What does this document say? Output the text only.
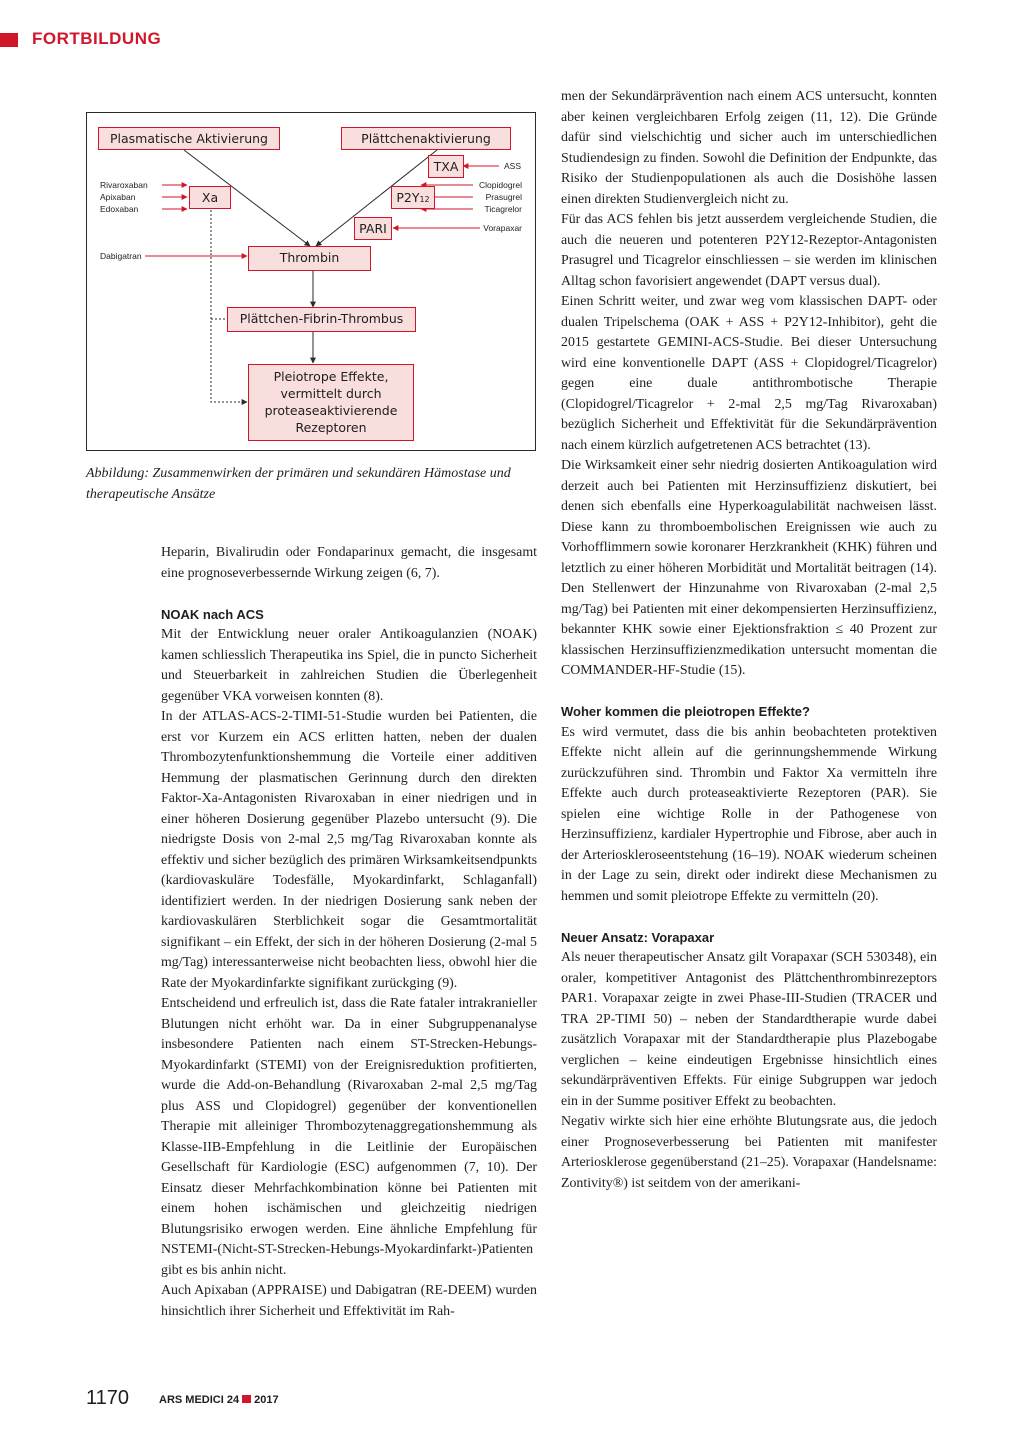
FORTBILDUNG
Plasmatische Aktivierung	Plättchenaktivierung
TXA
Xa	P2Y12
PARI
Thrombin
Plättchen-Fibrin-Thrombus
Pleiotrope Effekte,
vermittelt durch
proteaseaktivierende
Rezeptoren
ASS
Rivaroxaban
Apixaban
Edoxaban
Dabigatran
Clopidogrel
Prasugrel
Ticagrelor
Vorapaxar
Abbildung: Zusammenwirken der primären und sekundären Hämostase und therapeutische Ansätze

Heparin, Bivalirudin oder Fondaparinux gemacht, die insgesamt eine prognoseverbessernde Wirkung zeigen (6, 7).

NOAK nach ACS

Mit der Entwicklung neuer oraler Antikoagulanzien (NOAK) kamen schliesslich Therapeutika ins Spiel, die in puncto Sicherheit und Steuerbarkeit in zahlreichen Studien die Überlegenheit gegenüber VKA vorweisen konnten (8).

In der ATLAS-ACS-2-TIMI-51-Studie wurden bei Patienten, die erst vor Kurzem ein ACS erlitten hatten, neben der dualen Thrombozytenfunktionshemmung die Vorteile einer additiven Hemmung der plasmatischen Gerinnung durch den direkten Faktor-Xa-Antagonisten Rivaroxaban in einer niedrigen und in einer höheren Dosierung gegenüber Plazebo untersucht (9). Die niedrigste Dosis von 2-mal 2,5 mg/Tag Rivaroxaban konnte als effektiv und sicher bezüglich des primären Wirksamkeitsendpunkts (kardiovaskuläre Todesfälle, Myokardinfarkt, Schlaganfall) identifiziert werden. In der niedrigen Dosierung sank neben der kardiovaskulären Sterblichkeit sogar die Gesamtmortalität signifikant – ein Effekt, der sich in der höheren Dosierung (2-mal 5 mg/Tag) interessanterweise nicht beobachten liess, obwohl hier die Rate der Myokardinfarkte signifikant zurückging (9).

Entscheidend und erfreulich ist, dass die Rate fataler intrakranieller Blutungen nicht erhöht war. Da in einer Subgruppenanalyse insbesondere Patienten nach einem ST-Strecken-Hebungs-Myokardinfarkt (STEMI) von der Ereignisreduktion profitierten, wurde die Add-on-Behandlung (Rivaroxaban 2-mal 2,5 mg/Tag plus ASS und Clopidogrel) gegenüber der konventionellen Therapie mit alleiniger Thrombozytenaggregationshemmung als Klasse-IIB-Empfehlung in die Leitlinie der Europäischen Gesellschaft für Kardiologie (ESC) aufgenommen (7, 10). Der Einsatz dieser Mehrfachkombination könne bei Patienten mit einem hohen ischämischen und gleichzeitig niedrigen Blutungsrisiko erwogen werden. Eine ähnliche Empfehlung für NSTEMI-(Nicht-ST-Strecken-Hebungs-Myokardinfarkt-)Patienten gibt es bis anhin nicht.

Auch Apixaban (APPRAISE) und Dabigatran (RE-DEEM) wurden hinsichtlich ihrer Sicherheit und Effektivität im Rah-

men der Sekundärprävention nach einem ACS untersucht, konnten aber keinen vergleichbaren Erfolg zeigen (11, 12). Die Gründe dafür sind vielschichtig und sicher auch im unterschiedlichen Studiendesign zu finden. Sowohl die Definition der Endpunkte, das Risiko der Studienpopulationen als auch die Dosishöhe lassen einen direkten Studienvergleich nicht zu.

Für das ACS fehlen bis jetzt ausserdem vergleichende Studien, die auch die neueren und potenteren P2Y12-Rezeptor-Antagonisten Prasugrel und Ticagrelor einschliessen – sie werden im klinischen Alltag schon favorisiert angewendet (DAPT versus dual).

Einen Schritt weiter, und zwar weg vom klassischen DAPT- oder dualen Tripelschema (OAK + ASS + P2Y12-Inhibitor), geht die 2015 gestartete GEMINI-ACS-Studie. Bei dieser Untersuchung wird eine konventionelle DAPT (ASS + Clopidogrel/Ticagrelor) gegen eine duale antithrombotische Therapie (Clopidogrel/Ticagrelor + 2-mal 2,5 mg/Tag Rivaroxaban) bezüglich Sicherheit und Effektivität für die Sekundärprävention nach einem kürzlich aufgetretenen ACS betrachtet (13).

Die Wirksamkeit einer sehr niedrig dosierten Antikoagulation wird derzeit auch bei Patienten mit Herzinsuffizienz diskutiert, bei denen sich ebenfalls eine Hyperkoagulabilität nachweisen lässt. Diese kann zu thromboembolischen Ereignissen wie auch zu Vorhofflimmern sowie koronarer Herzkrankheit (KHK) führen und letztlich zu einer höheren Morbidität und Mortalität beitragen (14). Den Stellenwert der Hinzunahme von Rivaroxaban (2-mal 2,5 mg/Tag) bei Patienten mit einer dekompensierten Herzinsuffizienz, bekannter KHK sowie einer Ejektionsfraktion ≤ 40 Prozent zur klassischen Herzinsuffizienzmedikation untersucht momentan die COMMANDER-HF-Studie (15).

Woher kommen die pleiotropen Effekte?

Es wird vermutet, dass die bis anhin beobachteten protektiven Effekte nicht allein auf die gerinnungshemmende Wirkung zurückzuführen sind. Thrombin und Faktor Xa vermitteln ihre Effekte auch durch proteaseaktivierte Rezeptoren (PAR). Sie spielen eine wichtige Rolle in der Pathogenese von Herzinsuffizienz, kardialer Hypertrophie und Fibrose, aber auch in der Arterioskleroseentstehung (16–19). NOAK wiederum scheinen in der Lage zu sein, direkt oder indirekt diese Mechanismen zu hemmen und somit pleiotrope Effekte zu vermitteln (20).

Neuer Ansatz: Vorapaxar

Als neuer therapeutischer Ansatz gilt Vorapaxar (SCH 530348), ein oraler, kompetitiver Antagonist des Plättchenthrombinrezeptors PAR1. Vorapaxar zeigte in zwei Phase-III-Studien (TRACER und TRA 2P-TIMI 50) – neben der Standardtherapie wurde dabei zusätzlich Vorapaxar mit der Standardtherapie plus Plazebogabe verglichen – keine eindeutigen Ergebnisse hinsichtlich eines sekundärpräventiven Effekts. Für einige Subgruppen war jedoch ein in der Summe positiver Effekt zu beobachten.

Negativ wirkte sich hier eine erhöhte Blutungsrate aus, die jedoch einer Prognoseverbesserung bei Patienten mit manifester Arteriosklerose gegenüberstand (21–25). Vorapaxar (Handelsname: Zontivity®) ist seitdem von der amerikani-

1170	ARS MEDICI 24 2017
